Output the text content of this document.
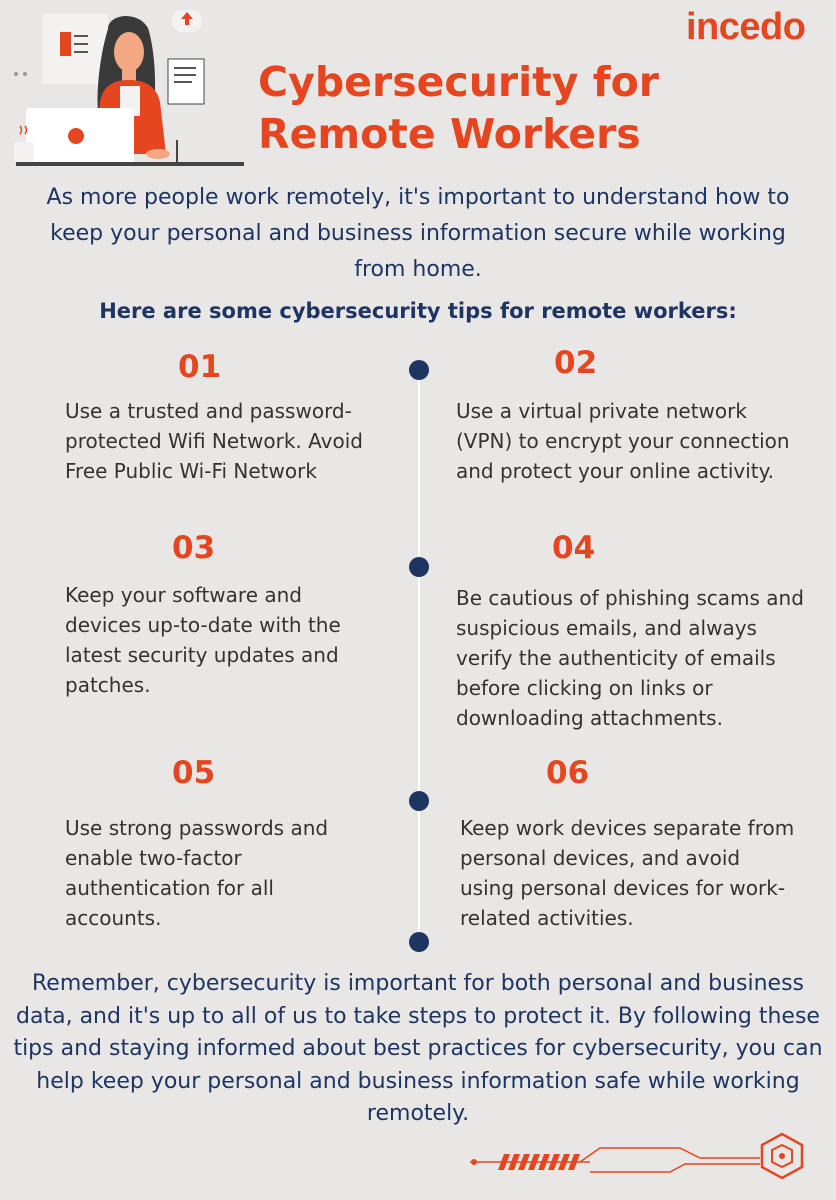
incedo
Cybersecurity for Remote Workers
As more people work remotely, it's important to understand how to keep your personal and business information secure while working from home.
Here are some cybersecurity tips for remote workers:
01
Use a trusted and password-protected Wifi Network. Avoid Free Public Wi-Fi Network
02
Use a virtual private network (VPN) to encrypt your connection and protect your online activity.
03
Keep your software and devices up-to-date with the latest security updates and patches.
04
Be cautious of phishing scams and suspicious emails, and always verify the authenticity of emails before clicking on links or downloading attachments.
05
Use strong passwords and enable two-factor authentication for all accounts.
06
Keep work devices separate from personal devices, and avoid using personal devices for work-related activities.
Remember, cybersecurity is important for both personal and business data, and it's up to all of us to take steps to protect it. By following these tips and staying informed about best practices for cybersecurity, you can help keep your personal and business information safe while working remotely.
